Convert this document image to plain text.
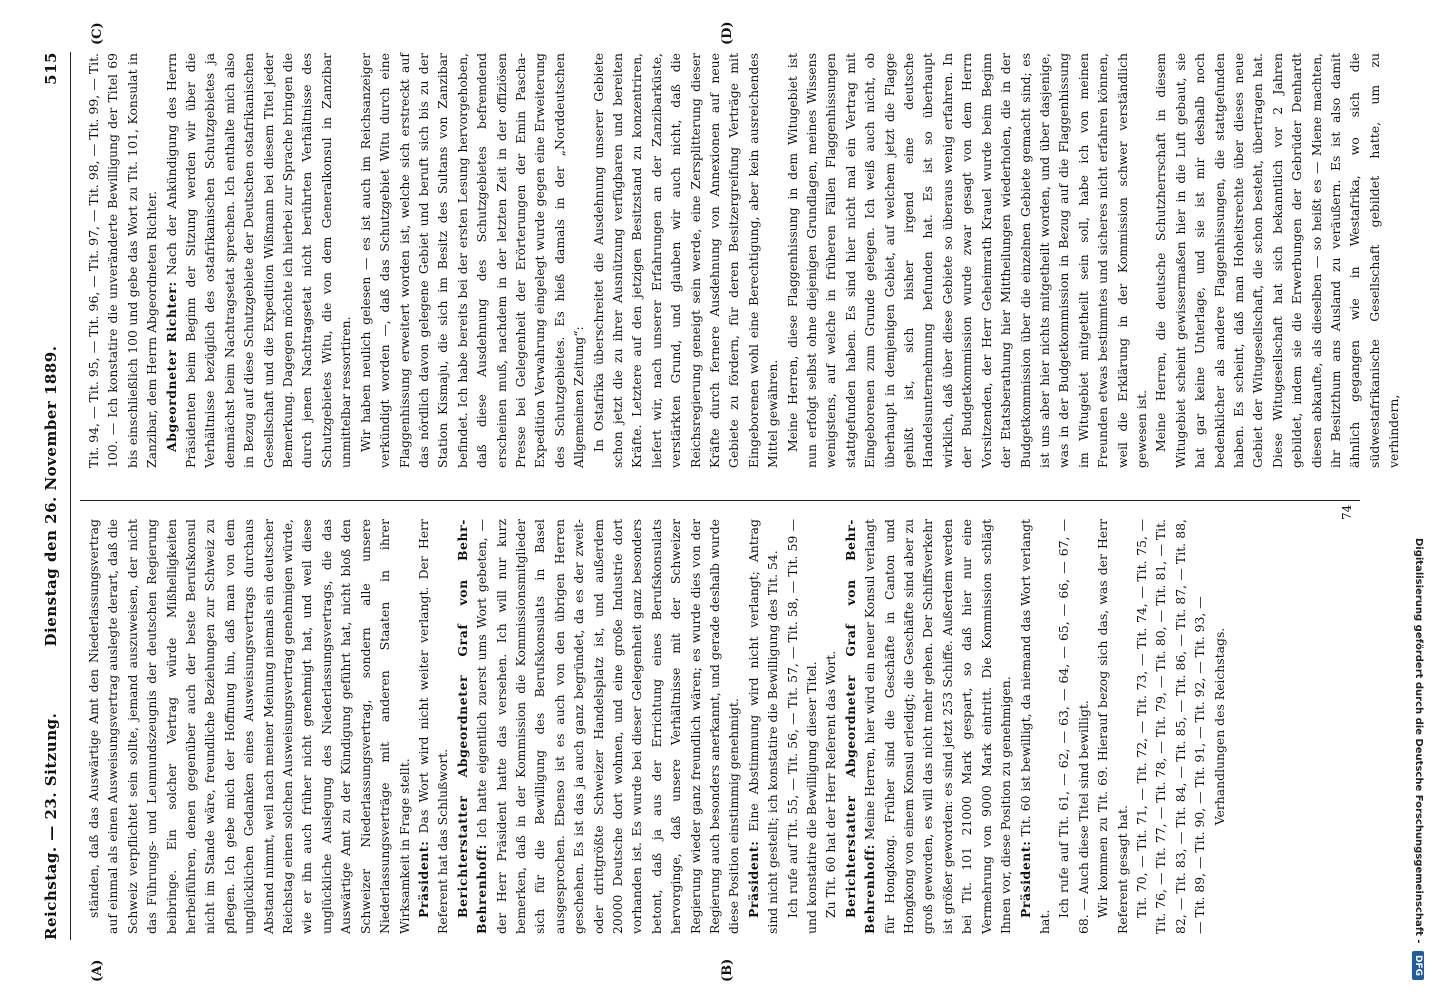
Reichstag. — 23. Sitzung.
Dienstag den 26. November 1889.
515
(A)	(B)
(C)	(D)

ständen, daß das Auswärtige Amt den Niederlassungsvertrag auf einmal als einen Ausweisungsvertrag auslegte derart, daß die Schweiz verpflichtet sein sollte, jemand auszuweisen, der nicht das Führungs- und Leumundszeugnis der deutschen Regierung beibringe. Ein solcher Vertrag würde Mißhelligkeiten herbeiführen, denen gegenüber auch der beste Berufskonsul nicht im Stande wäre, freundliche Beziehungen zur Schweiz zu pflegen. Ich gebe mich der Hoffnung hin, daß man von dem unglücklichen Gedanken eines Ausweisungsvertrags durchaus Abstand nimmt, weil nach meiner Meinung niemals ein deutscher Reichstag einen solchen Ausweisungsvertrag genehmigen würde, wie er ihn auch früher nicht genehmigt hat, und weil diese unglückliche Auslegung des Niederlassungsvertrags, die das Auswärtige Amt zu der Kündigung geführt hat, nicht bloß den Schweizer Niederlassungsvertrag, sondern alle unsere Niederlassungsverträge mit anderen Staaten in ihrer Wirksamkeit in Frage stellt. Präsident: Das Wort wird nicht weiter verlangt. Der Herr Referent hat das Schlußwort. Berichterstatter Abgeordneter Graf von Behr-Behrenhoff: Ich hatte eigentlich zuerst ums Wort gebeten, — der Herr Präsident hatte das versehen. Ich will nur kurz bemerken, daß in der Kommission die Kommissionsmitglieder sich für die Bewilligung des Berufskonsulats in Basel ausgesprochen. Ebenso ist es auch von den übrigen Herren geschehen. Es ist das ja auch ganz begründet, da es der zweit- oder drittgrößte Schweizer Handelsplatz ist, und außerdem 20000 Deutsche dort wohnen, und eine große Industrie dort vorhanden ist. Es wurde bei dieser Gelegenheit ganz besonders betont, daß ja aus der Errichtung eines Berufskonsulats hervorginge, daß unsere Verhältnisse mit der Schweizer Regierung wieder ganz freundlich wären; es wurde dies von der Regierung auch besonders anerkannt, und gerade deshalb wurde diese Position einstimmig genehmigt. Präsident: Eine Abstimmung wird nicht verlangt; Antrag sind nicht gestellt; ich konstatire die Bewilligung des Tit. 54. Ich rufe auf Tit. 55, — Tit. 56, — Tit. 57, — Tit. 58, — Tit. 59 — und konstatire die Bewilligung dieser Titel. Zu Tit. 60 hat der Herr Referent das Wort. Berichterstatter Abgeordneter Graf von Behr-Behrenhoff: Meine Herren, hier wird ein neuer Konsul verlangt für Hongkong. Früher sind die Geschäfte in Canton und Hongkong von einem Konsul erledigt; die Geschäfte sind aber zu groß geworden, es will das nicht mehr gehen. Der Schiffsverkehr ist größer geworden: es sind jetzt 253 Schiffe. Außerdem werden bei Tit. 101 21000 Mark gespart, so daß hier nur eine Vermehrung von 9000 Mark eintritt. Die Kommission schlägt Ihnen vor, diese Position zu genehmigen. Präsident: Tit. 60 ist bewilligt, da niemand das Wort verlangt hat.

Ich rufe auf Tit. 61, — 62, — 63, — 64, — 65, — 66, — 67, — 68. — Auch diese Titel sind bewilligt. Wir kommen zu Tit. 69. Hierauf bezog sich das, was der Herr Referent gesagt hat. Tit. 70, — Tit. 71, — Tit. 72, — Tit. 73, — Tit. 74, — Tit. 75, — Tit. 76, — Tit. 77, — Tit. 78, — Tit. 79, — Tit. 80, — Tit. 81, — Tit. 82, — Tit. 83, — Tit. 84, — Tit. 85, — Tit. 86, — Tit. 87, — Tit. 88, — Tit. 89, — Tit. 90, — Tit. 91, — Tit. 92, — Tit. 93, — Verhandlungen des Reichstags.

Tit. 94, — Tit. 95, — Tit. 96, — Tit. 97, — Tit. 98, — Tit. 99, — Tit. 100. — Ich konstatire die unveränderte Bewilligung der Titel 69 bis einschließlich 100 und gebe das Wort zu Tit. 101, Konsulat in Zanzibar, dem Herrn Abgeordneten Richter. Abgeordneter Richter: Nach der Ankündigung des Herrn Präsidenten beim Beginn der Sitzung werden wir über die Verhältnisse bezüglich des ostafrikanischen Schutzgebietes ja demnächst beim Nachtragsetat sprechen. Ich enthalte mich also in Bezug auf diese Schutzgebiete der Deutschen ostafrikanischen Gesellschaft und die Expedition Wißmann bei diesem Titel jeder Bemerkung. Dagegen möchte ich hierbei zur Sprache bringen die durch jenen Nachtragsetat nicht berührten Verhältnisse des Schutzgebietes Witu, die von dem Generalkonsul in Zanzibar unmittelbar ressortiren. Wir haben neulich gelesen — es ist auch im Reichsanzeiger verkündigt worden —, daß das Schutzgebiet Witu durch eine Flaggenhissung erweitert worden ist, welche sich erstreckt auf das nördlich davon gelegene Gebiet und beruft sich bis zu der Station Kismaju, die sich im Besitz des Sultans von Zanzibar befindet. Ich habe bereits bei der ersten Lesung hervorgehoben, daß diese Ausdehnung des Schutzgebietes befremdend erscheinen muß, nachdem in der letzten Zeit in der offiziösen Presse bei Gelegenheit der Erörterungen der Emin Pascha-Expedition Verwahrung eingelegt wurde gegen eine Erweiterung des Schutzgebietes. Es hieß damals in der „Norddeutschen Allgemeinen Zeitung“: In Ostafrika überschreitet die Ausdehnung unserer Gebiete schon jetzt die zu ihrer Ausnützung verfügbaren und bereiten Kräfte. Letztere auf den jetzigen Besitzstand zu konzentriren, liefert wir, nach unserer Erfahrungen an der Zanzibarküste, verstärkten Grund, und glauben wir auch nicht, daß die Reichsregierung geneigt sein werde, eine Zersplitterung dieser Kräfte durch fernere Ausdehnung von Annexionen auf neue Gebiete zu fördern, für deren Besitzergreifung Verträge mit Eingeborenen wohl eine Berechtigung, aber kein ausreichendes Mittel gewähren. Meine Herren, diese Flaggenhissung in dem Witugebiet ist nun erfolgt selbst ohne diejenigen Grundlagen, meines Wissens wenigstens, auf welche in früheren Fällen Flaggenhissungen stattgefunden haben. Es sind hier nicht mal ein Vertrag mit Eingeborenen zum Grunde gelegen. Ich weiß auch nicht, ob überhaupt in demjenigen Gebiet, auf welchem jetzt die Flagge gehißt ist, sich bisher irgend eine deutsche Handelsunternehmung befunden hat. Es ist so überhaupt wirklich, daß über diese Gebiete so überaus wenig erfahren. In der Budgetkommission wurde zwar gesagt von dem Herrn Vorsitzenden, der Herr Geheimrath Krauel wurde beim Beginn der Etatsberathung hier Mittheilungen wiederholen, die in der Budgetkommission über die einzelnen Gebiete gemacht sind; es ist uns aber hier nichts mitgetheilt worden, und über dasjenige, was in der Budgetkommission in Bezug auf die Flaggenhissung im Witugebiet mitgetheilt sein soll, habe ich von meinen Freunden etwas bestimmtes und sicheres nicht erfahren können, weil die Erklärung in der Kommission schwer verständlich gewesen ist. Meine Herren, die deutsche Schutzherrschaft in diesem Witugebiet scheint gewissermaßen hier in die Luft gebaut, sie hat gar keine Unterlage, und sie ist mir deshalb noch bedenklicher als andere Flaggenhissungen, die stattgefunden haben. Es scheint, daß man Hoheitsrechte über dieses neue Gebiet der Witugesellschaft, die schon besteht, übertragen hat. Diese Witugesellschaft hat sich bekanntlich vor 2 Jahren gebildet, indem sie die Erwerbungen der Gebrüder Denhardt diesen abkaufte, als dieselben — so heißt es — Miene machten, ihr Besitzthum ans Ausland zu veräußern. Es ist also damit ähnlich gegangen wie in Westafrika, wo sich die südwestafrikanische Gesellschaft gebildet hatte, um zu verhindern,

74
Digitalisierung gefördert durch die Deutsche Forschungsgemeinschaft - DFG
